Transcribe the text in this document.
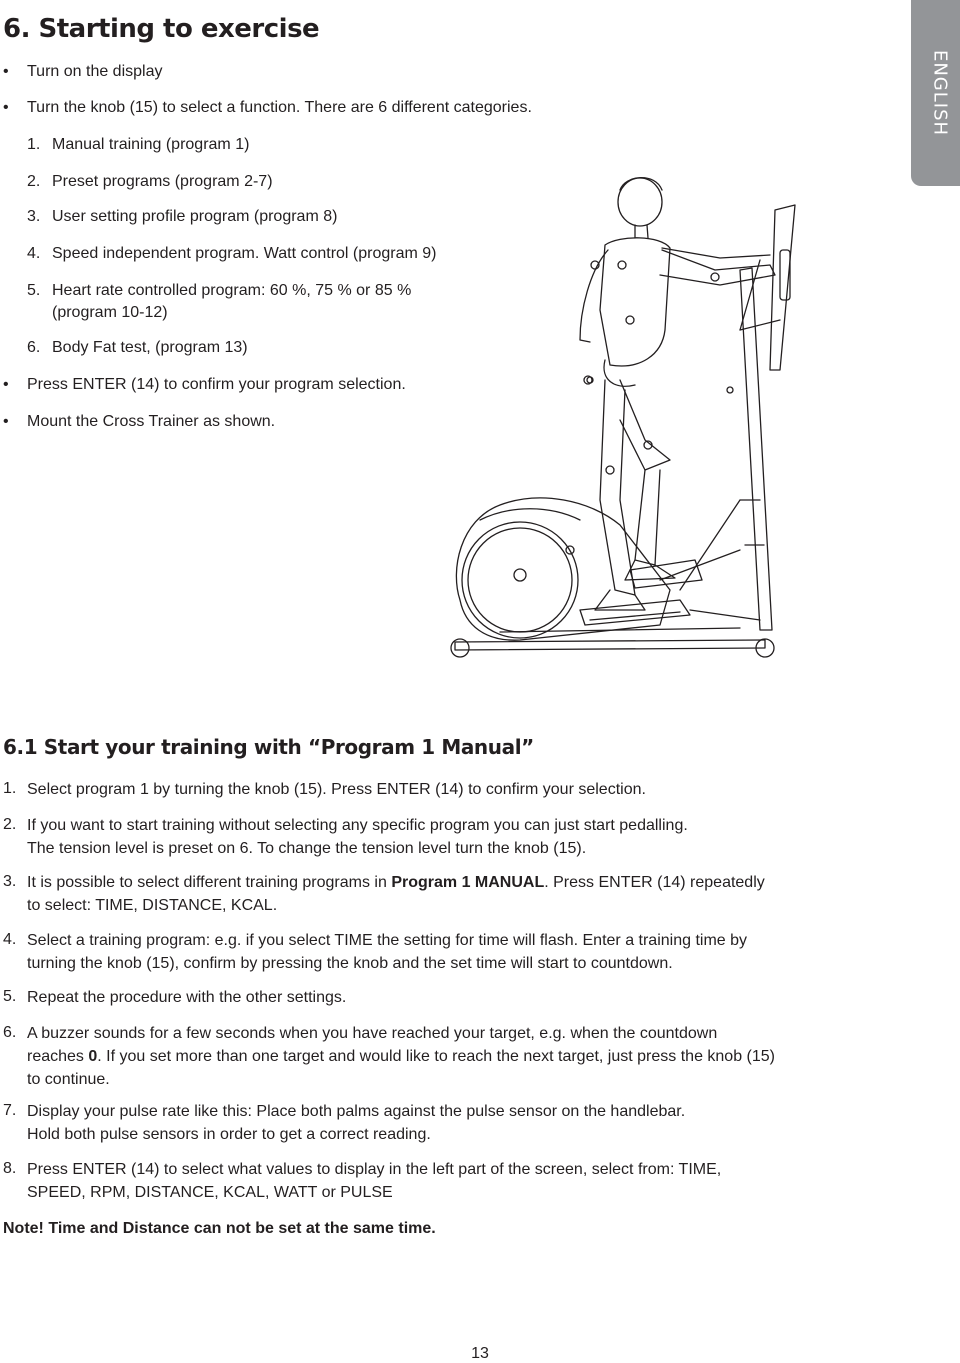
6. Starting to exercise
ENGLISH
• Turn on the display
• Turn the knob (15) to select a function. There are 6 different categories.
1. Manual training (program 1)
2. Preset programs (program 2-7)
3. User setting profile program (program 8)
4. Speed independent program. Watt control (program 9)
5. Heart rate controlled program: 60 %, 75 % or 85 %
(program 10-12)
6. Body Fat test, (program 13)
• Press ENTER (14) to confirm your program selection.
• Mount the Cross Trainer as shown.
6.1 Start your training with “Program 1 Manual”
1. Select program 1 by turning the knob (15). Press ENTER (14) to confirm your selection.
2. If you want to start training without selecting any specific program you can just start pedalling.
The tension level is preset on 6. To change the tension level turn the knob (15).
3. It is possible to select different training programs in Program 1 MANUAL. Press ENTER (14) repeatedly
to select: TIME, DISTANCE, KCAL.
4. Select a training program: e.g. if you select TIME the setting for time will flash. Enter a training time by
turning the knob (15), confirm by pressing the knob and the set time will start to countdown.
5. Repeat the procedure with the other settings.
6. A buzzer sounds for a few seconds when you have reached your target, e.g. when the countdown
reaches 0. If you set more than one target and would like to reach the next target, just press the knob (15)
to continue.
7. Display your pulse rate like this: Place both palms against the pulse sensor on the handlebar.
Hold both pulse sensors in order to get a correct reading.
8. Press ENTER (14) to select what values to display in the left part of the screen, select from: TIME,
SPEED, RPM, DISTANCE, KCAL, WATT or PULSE
Note! Time and Distance can not be set at the same time.
13
